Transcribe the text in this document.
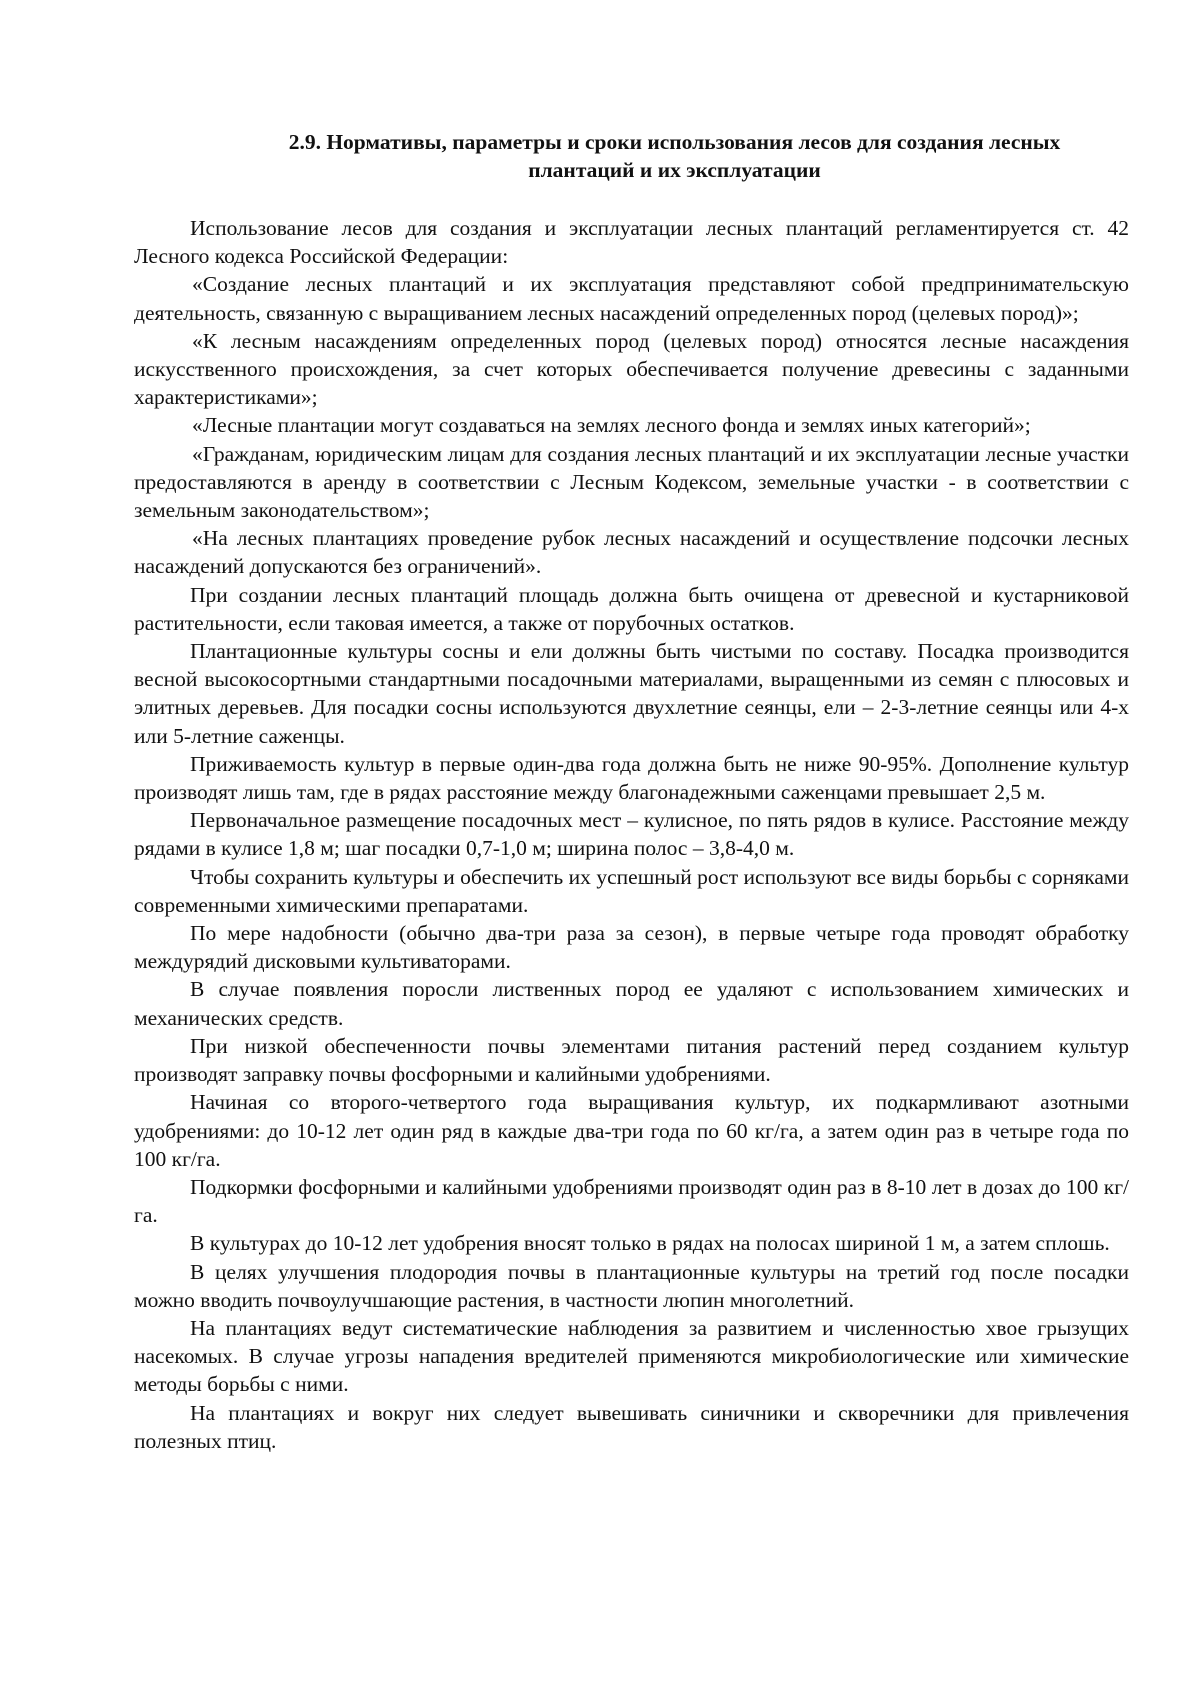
2.9. Нормативы, параметры и сроки использования лесов для создания лесных
плантаций и их эксплуатации

Использование лесов для создания и эксплуатации лесных плантаций регламентируется ст. 42 Лесного кодекса Российской Федерации:

«Создание лесных плантаций и их эксплуатация представляют собой предпринимательскую деятельность, связанную с выращиванием лесных насаждений определенных пород (целевых пород)»;

«К лесным насаждениям определенных пород (целевых пород) относятся лесные насаждения искусственного происхождения, за счет которых обеспечивается получение древесины с заданными характеристиками»;

«Лесные плантации могут создаваться на землях лесного фонда и землях иных категорий»;

«Гражданам, юридическим лицам для создания лесных плантаций и их эксплуатации лесные участки предоставляются в аренду в соответствии с Лесным Кодексом, земельные участки - в соответствии с земельным законодательством»;

«На лесных плантациях проведение рубок лесных насаждений и осуществление подсочки лесных насаждений допускаются без ограничений».

При создании лесных плантаций площадь должна быть очищена от древесной и кустарниковой растительности, если таковая имеется, а также от порубочных остатков.

Плантационные культуры сосны и ели должны быть чистыми по составу. Посадка производится весной высокосортными стандартными посадочными материалами, выращенными из семян с плюсовых и элитных деревьев. Для посадки сосны используются двухлетние сеянцы, ели – 2-3-летние сеянцы или 4-х или 5-летние саженцы.

Приживаемость культур в первые один-два года должна быть не ниже 90-95%. Дополнение культур производят лишь там, где в рядах расстояние между благонадежными саженцами превышает 2,5 м.

Первоначальное размещение посадочных мест – кулисное, по пять рядов в кулисе. Расстояние между рядами в кулисе 1,8 м; шаг посадки 0,7-1,0 м; ширина полос – 3,8-4,0 м.

Чтобы сохранить культуры и обеспечить их успешный рост используют все виды борьбы с сорняками современными химическими препаратами.

По мере надобности (обычно два-три раза за сезон), в первые четыре года проводят обработку междурядий дисковыми культиваторами.

В случае появления поросли лиственных пород ее удаляют с использованием химических и механических средств.

При низкой обеспеченности почвы элементами питания растений перед созданием культур производят заправку почвы фосфорными и калийными удобрениями.

Начиная со второго-четвертого года выращивания культур, их подкармливают азотными удобрениями: до 10-12 лет один ряд в каждые два-три года по 60 кг/га, а затем один раз в четыре года по 100 кг/га.

Подкормки фосфорными и калийными удобрениями производят один раз в 8-10 лет в дозах до 100 кг/га.

В культурах до 10-12 лет удобрения вносят только в рядах на полосах шириной 1 м, а затем сплошь.

В целях улучшения плодородия почвы в плантационные культуры на третий год после посадки можно вводить почвоулучшающие растения, в частности люпин многолетний.

На плантациях ведут систематические наблюдения за развитием и численностью хвое грызущих насекомых. В случае угрозы нападения вредителей применяются микробиологические или химические методы борьбы с ними.

На плантациях и вокруг них следует вывешивать синичники и скворечники для привлечения полезных птиц.
